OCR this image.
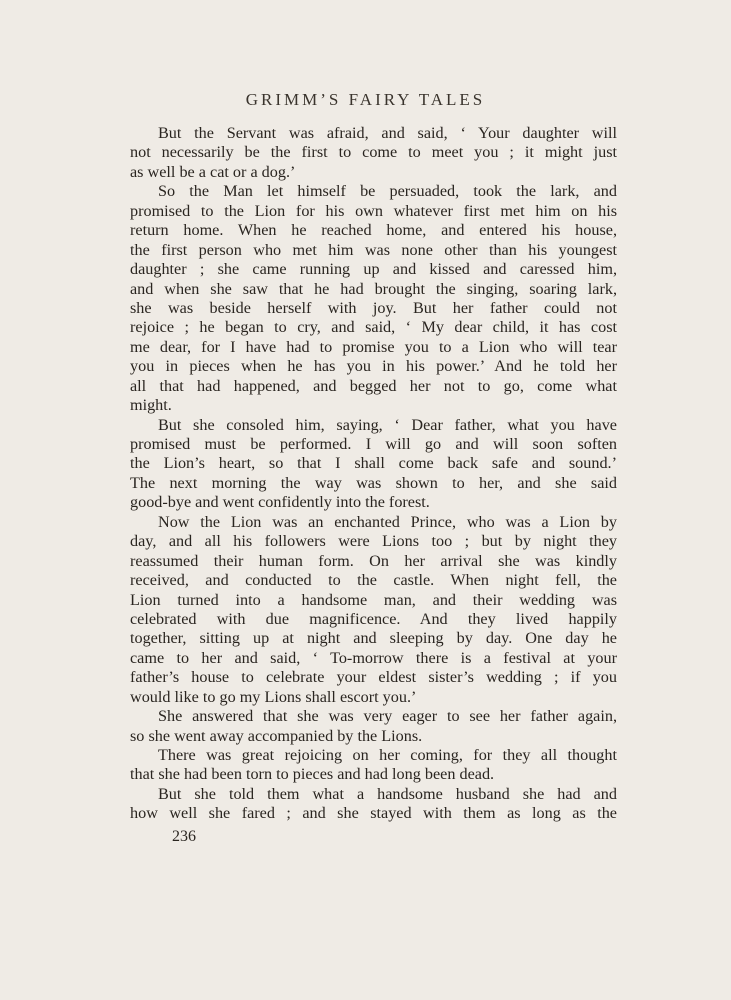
GRIMM’S FAIRY TALES
But the Servant was afraid, and said, ‘ Your daughter will
not necessarily be the first to come to meet you ; it might just
as well be a cat or a dog.’
So the Man let himself be persuaded, took the lark, and
promised to the Lion for his own whatever first met him on his
return home. When he reached home, and entered his house,
the first person who met him was none other than his youngest
daughter ; she came running up and kissed and caressed him,
and when she saw that he had brought the singing, soaring lark,
she was beside herself with joy. But her father could not
rejoice ; he began to cry, and said, ‘ My dear child, it has cost
me dear, for I have had to promise you to a Lion who will tear
you in pieces when he has you in his power.’ And he told her
all that had happened, and begged her not to go, come what
might.
But she consoled him, saying, ‘ Dear father, what you have
promised must be performed. I will go and will soon soften
the Lion’s heart, so that I shall come back safe and sound.’
The next morning the way was shown to her, and she said
good-bye and went confidently into the forest.
Now the Lion was an enchanted Prince, who was a Lion by
day, and all his followers were Lions too ; but by night they
reassumed their human form. On her arrival she was kindly
received, and conducted to the castle. When night fell, the
Lion turned into a handsome man, and their wedding was
celebrated with due magnificence. And they lived happily
together, sitting up at night and sleeping by day. One day he
came to her and said, ‘ To-morrow there is a festival at your
father’s house to celebrate your eldest sister’s wedding ; if you
would like to go my Lions shall escort you.’
She answered that she was very eager to see her father again,
so she went away accompanied by the Lions.
There was great rejoicing on her coming, for they all thought
that she had been torn to pieces and had long been dead.
But she told them what a handsome husband she had and
how well she fared ; and she stayed with them as long as the
236
